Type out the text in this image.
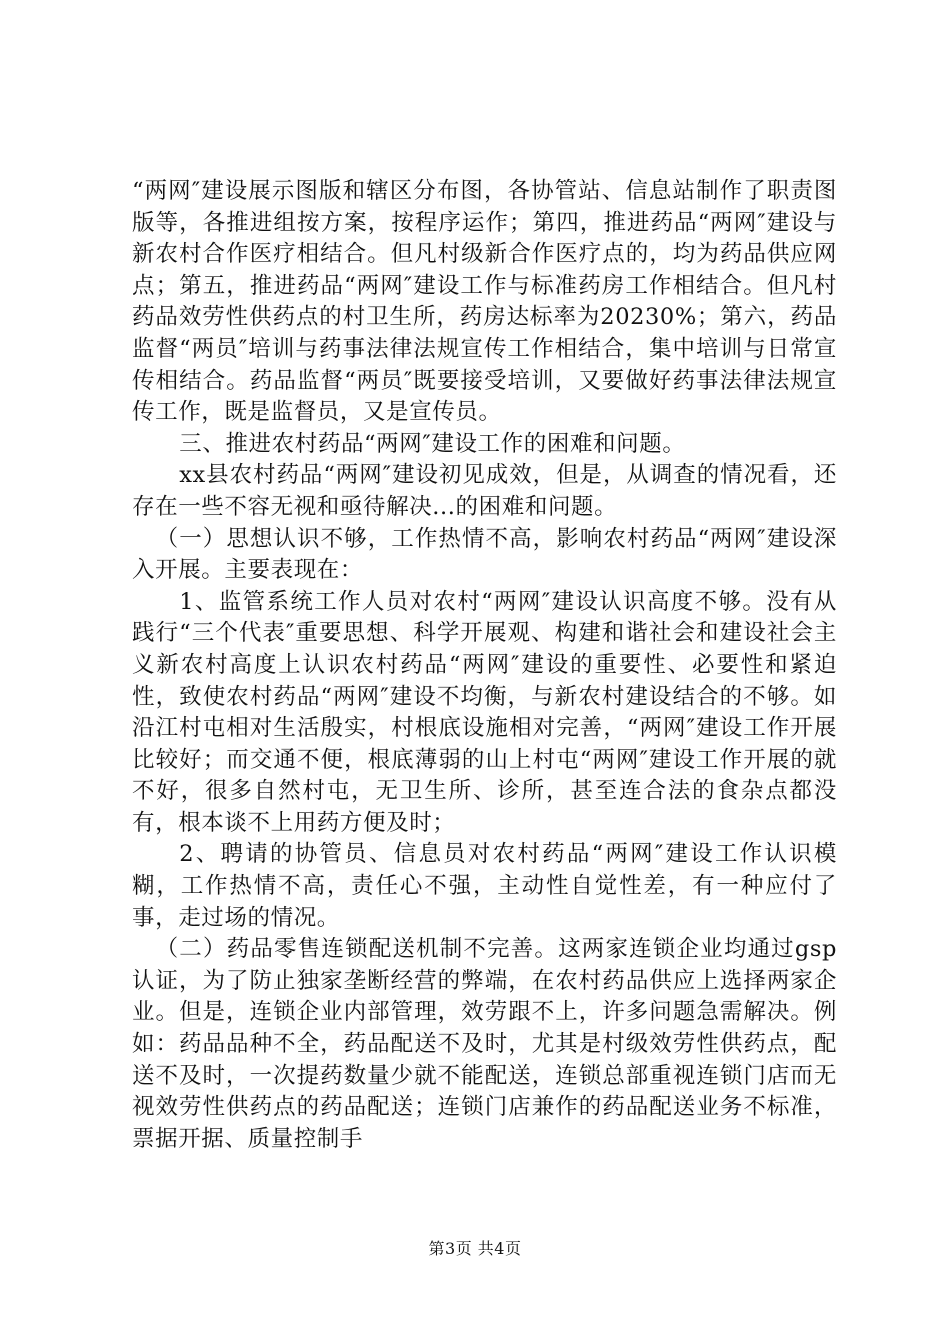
“两网″建设展示图版和辖区分布图，各协管站、信息站制作了职责图版等，各推进组按方案，按程序运作；第四，推进药品“两网″建设与新农村合作医疗相结合。但凡村级新合作医疗点的，均为药品供应网点；第五，推进药品“两网″建设工作与标准药房工作相结合。但凡村药品效劳性供药点的村卫生所，药房达标率为20230%；第六，药品监督“两员″培训与药事法律法规宣传工作相结合，集中培训与日常宣传相结合。药品监督“两员″既要接受培训，又要做好药事法律法规宣传工作，既是监督员，又是宣传员。

三、推进农村药品“两网″建设工作的困难和问题。

xx县农村药品“两网″建设初见成效，但是，从调查的情况看，还存在一些不容无视和亟待解决...的困难和问题。

（一）思想认识不够，工作热情不高，影响农村药品“两网″建设深入开展。主要表现在：

1、监管系统工作人员对农村“两网″建设认识高度不够。没有从践行“三个代表″重要思想、科学开展观、构建和谐社会和建设社会主义新农村高度上认识农村药品“两网″建设的重要性、必要性和紧迫性，致使农村药品“两网″建设不均衡，与新农村建设结合的不够。如沿江村屯相对生活殷实，村根底设施相对完善，“两网″建设工作开展比较好；而交通不便，根底薄弱的山上村屯“两网″建设工作开展的就不好，很多自然村屯，无卫生所、诊所，甚至连合法的食杂点都没有，根本谈不上用药方便及时；

2、聘请的协管员、信息员对农村药品“两网″建设工作认识模糊，工作热情不高，责任心不强，主动性自觉性差，有一种应付了事，走过场的情况。

（二）药品零售连锁配送机制不完善。这两家连锁企业均通过gsp认证，为了防止独家垄断经营的弊端，在农村药品供应上选择两家企业。但是，连锁企业内部管理，效劳跟不上，许多问题急需解决。例如：药品品种不全，药品配送不及时，尤其是村级效劳性供药点，配送不及时，一次提药数量少就不能配送，连锁总部重视连锁门店而无视效劳性供药点的药品配送；连锁门店兼作的药品配送业务不标准，票据开据、质量控制手

第3页 共4页
